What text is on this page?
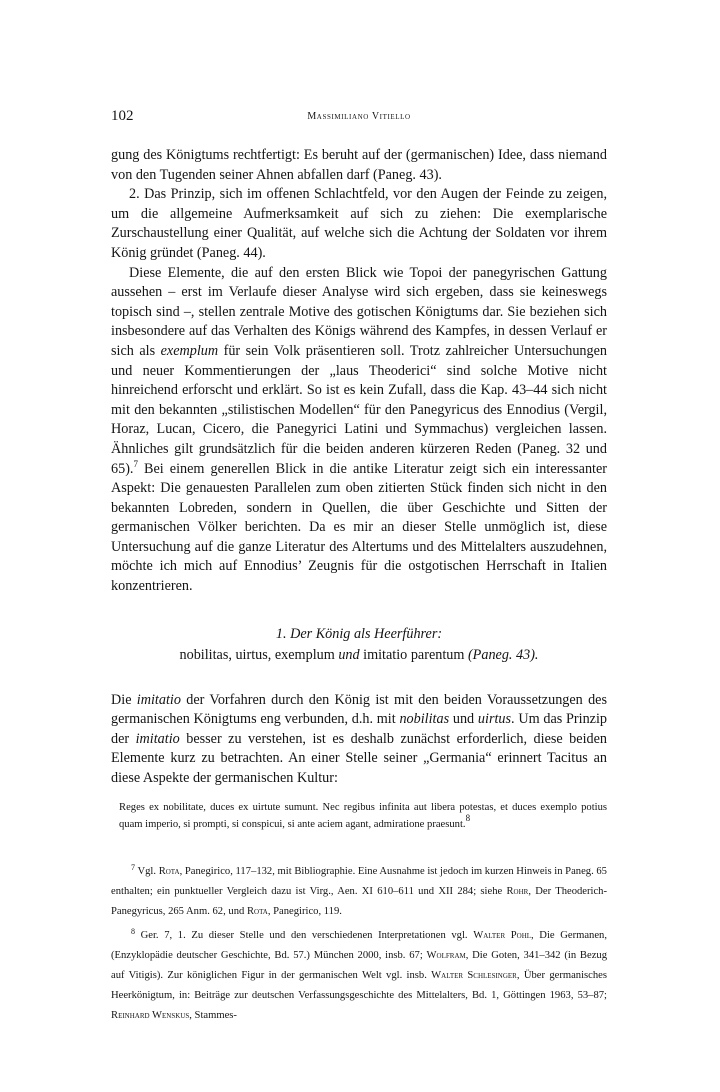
102	Massimiliano Vitiello

gung des Königtums rechtfertigt: Es beruht auf der (germanischen) Idee, dass niemand von den Tugenden seiner Ahnen abfallen darf (Paneg. 43).

2. Das Prinzip, sich im offenen Schlachtfeld, vor den Augen der Feinde zu zeigen, um die allgemeine Aufmerksamkeit auf sich zu ziehen: Die exemplarische Zurschaustellung einer Qualität, auf welche sich die Achtung der Soldaten vor ihrem König gründet (Paneg. 44).

Diese Elemente, die auf den ersten Blick wie Topoi der panegyrischen Gattung aussehen – erst im Verlaufe dieser Analyse wird sich ergeben, dass sie keineswegs topisch sind –, stellen zentrale Motive des gotischen Königtums dar. Sie beziehen sich insbesondere auf das Verhalten des Königs während des Kampfes, in dessen Verlauf er sich als exemplum für sein Volk präsentieren soll. Trotz zahlreicher Untersuchungen und neuer Kommentierungen der „laus Theoderici“ sind solche Motive nicht hinreichend erforscht und erklärt. So ist es kein Zufall, dass die Kap. 43–44 sich nicht mit den bekannten „stilistischen Modellen“ für den Panegyricus des Ennodius (Vergil, Horaz, Lucan, Cicero, die Panegyrici Latini und Symmachus) vergleichen lassen. Ähnliches gilt grundsätzlich für die beiden anderen kürzeren Reden (Paneg. 32 und 65).$^7$ Bei einem generellen Blick in die antike Literatur zeigt sich ein interessanter Aspekt: Die genauesten Parallelen zum oben zitierten Stück finden sich nicht in den bekannten Lobreden, sondern in Quellen, die über Geschichte und Sitten der germanischen Völker berichten. Da es mir an dieser Stelle unmöglich ist, diese Untersuchung auf die ganze Literatur des Altertums und des Mittelalters auszudehnen, möchte ich mich auf Ennodius’ Zeugnis für die ostgotischen Herrschaft in Italien konzentrieren.

1. Der König als Heerführer:
nobilitas, uirtus, exemplum und imitatio parentum (Paneg. 43).

Die imitatio der Vorfahren durch den König ist mit den beiden Voraussetzungen des germanischen Königtums eng verbunden, d.h. mit nobilitas und uirtus. Um das Prinzip der imitatio besser zu verstehen, ist es deshalb zunächst erforderlich, diese beiden Elemente kurz zu betrachten. An einer Stelle seiner „Germania“ erinnert Tacitus an diese Aspekte der germanischen Kultur:

Reges ex nobilitate, duces ex uirtute sumunt. Nec regibus infinita aut libera potestas, et duces exemplo potius quam imperio, si prompti, si conspicui, si ante aciem agant, admiratione praesunt.$^8$

$^7$ Vgl. Rota, Panegirico, 117–132, mit Bibliographie. Eine Ausnahme ist jedoch im kurzen Hinweis in Paneg. 65 enthalten; ein punktueller Vergleich dazu ist Virg., Aen. XI 610–611 und XII 284; siehe Rohr, Der Theoderich-Panegyricus, 265 Anm. 62, und Rota, Panegirico, 119.

$^8$ Ger. 7, 1. Zu dieser Stelle und den verschiedenen Interpretationen vgl. Walter Pohl, Die Germanen, (Enzyklopädie deutscher Geschichte, Bd. 57.) München 2000, insb. 67; Wolfram, Die Goten, 341–342 (in Bezug auf Vitigis). Zur königlichen Figur in der germanischen Welt vgl. insb. Walter Schlesinger, Über germanisches Heerkönigtum, in: Beiträge zur deutschen Verfassungsgeschichte des Mittelalters, Bd. 1, Göttingen 1963, 53–87; Reinhard Wenskus, Stammes-
